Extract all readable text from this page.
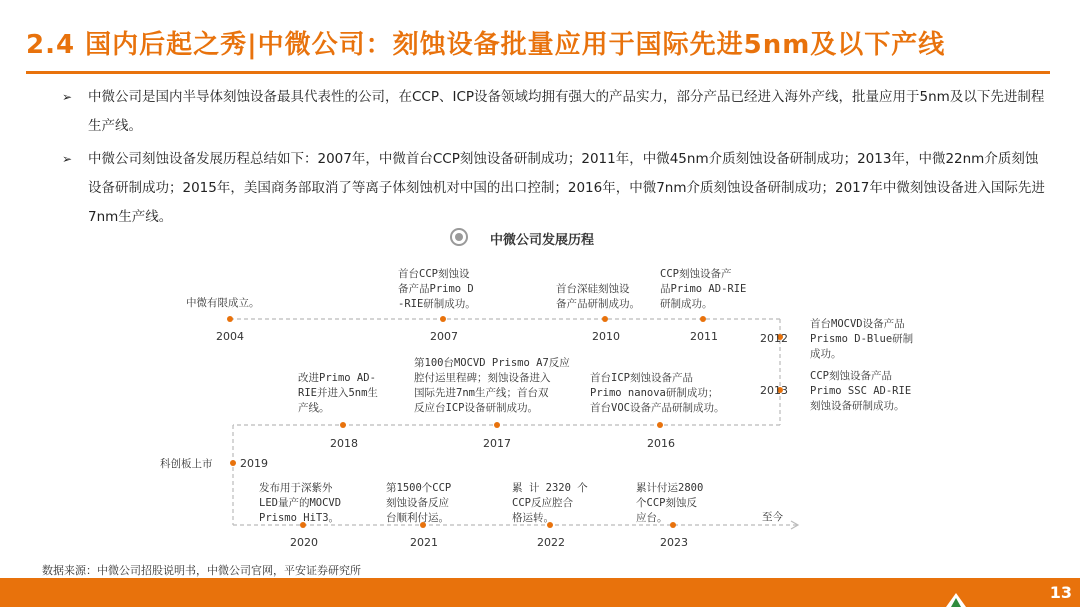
2.4 国内后起之秀|中微公司：刻蚀设备批量应用于国际先进5nm及以下产线
➢ 中微公司是国内半导体刻蚀设备最具代表性的公司，在CCP、ICP设备领域均拥有强大的产品实力，部分产品已经进入海外产线，批量应用于5nm及以下先进制程生产线。
➢ 中微公司刻蚀设备发展历程总结如下：2007年，中微首台CCP刻蚀设备研制成功；2011年，中微45nm介质刻蚀设备研制成功；2013年，中微22nm介质刻蚀设备研制成功；2015年，美国商务部取消了等离子体刻蚀机对中国的出口控制；2016年，中微7nm介质刻蚀设备研制成功；2017年中微刻蚀设备进入国际先进7nm生产线。
中微公司发展历程
中微有限成立。
2004
首台CCP刻蚀设
备产品Primo D
-RIE研制成功。
2007
首台深硅刻蚀设
备产品研制成功。
2010
CCP刻蚀设备产
品Primo AD-RIE
研制成功。
2011	2012
首台MOCVD设备产品
Prismo D-Blue研制
成功。
2013
CCP刻蚀设备产品
Primo SSC AD-RIE
刻蚀设备研制成功。
首台ICP刻蚀设备产品
Primo nanova研制成功；
首台VOC设备产品研制成功。
2016
第100台MOCVD Prismo A7反应
腔付运里程碑；刻蚀设备进入
国际先进7nm生产线；首台双
反应台ICP设备研制成功。
2017
改进Primo AD-
RIE并进入5nm生
产线。
2018
科创板上市	2019
发布用于深紫外
LED量产的MOCVD
Prismo HiT3。
2020
第1500个CCP
刻蚀设备反应
台顺利付运。
2021
累 计 2320 个
CCP反应腔合
格运转。
2022
累计付运2800
个CCP刻蚀反
应台。
2023
至今
数据来源：中微公司招股说明书，中微公司官网，平安证券研究所
13
